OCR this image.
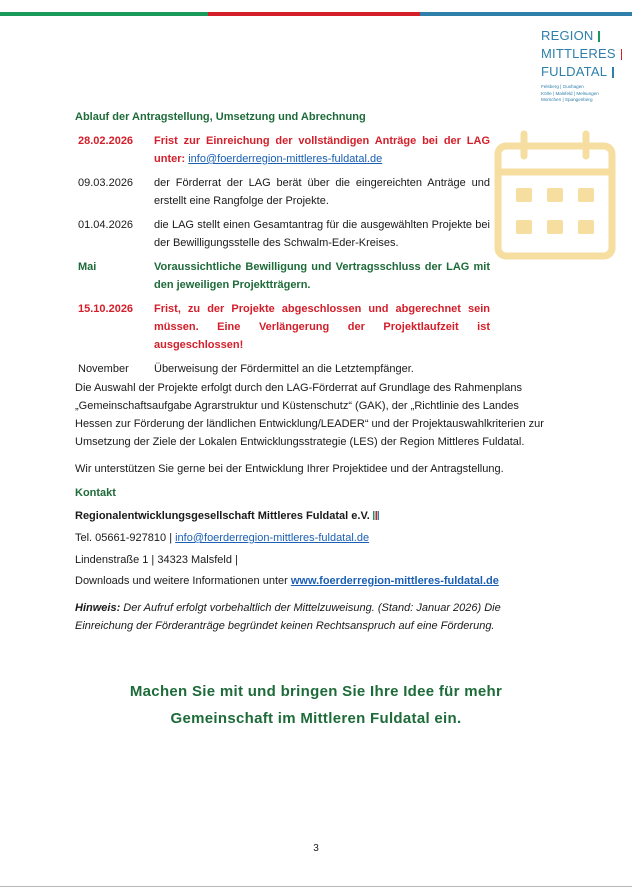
REGION
MITTLERES
FULDATAL
Felsberg | Guxhagen
Körle | Malsfeld | Melsungen
Morschen | Spangenberg
Ablauf der Antragstellung, Umsetzung und Abrechnung
28.02.2026	Frist zur Einreichung der vollständigen Anträge bei der LAG unter: info@foerderregion-mittleres-fuldatal.de
09.03.2026	der Förderrat der LAG berät über die eingereichten Anträge und erstellt eine Rangfolge der Projekte.
01.04.2026	die LAG stellt einen Gesamtantrag für die ausgewählten Projekte bei der Bewilligungsstelle des Schwalm-Eder-Kreises.
Mai	Voraussichtliche Bewilligung und Vertragsschluss der LAG mit den jeweiligen Projektträgern.
15.10.2026	Frist, zu der Projekte abgeschlossen und abgerechnet sein müssen. Eine Verlängerung der Projektlaufzeit ist ausgeschlossen!
November	Überweisung der Fördermittel an die Letztempfänger.
Die Auswahl der Projekte erfolgt durch den LAG-Förderrat auf Grundlage des Rahmenplans „Gemeinschaftsaufgabe Agrarstruktur und Küstenschutz“ (GAK), der „Richtlinie des Landes Hessen zur Förderung der ländlichen Entwicklung/LEADER“ und der Projektauswahlkriterien zur Umsetzung der Ziele der Lokalen Entwicklungsstrategie (LES) der Region Mittleres Fuldatal.
Wir unterstützen Sie gerne bei der Entwicklung Ihrer Projektidee und der Antragstellung.
Kontakt
Regionalentwicklungsgesellschaft Mittleres Fuldatal e.V.
Tel. 05661-927810 | info@foerderregion-mittleres-fuldatal.de
Lindenstraße 1 | 34323 Malsfeld |
Downloads und weitere Informationen unter www.foerderregion-mittleres-fuldatal.de
Hinweis: Der Aufruf erfolgt vorbehaltlich der Mittelzuweisung. (Stand: Januar 2026) Die Einreichung der Förderanträge begründet keinen Rechtsanspruch auf eine Förderung.
Machen Sie mit und bringen Sie Ihre Idee für mehr
Gemeinschaft im Mittleren Fuldatal ein.
3
